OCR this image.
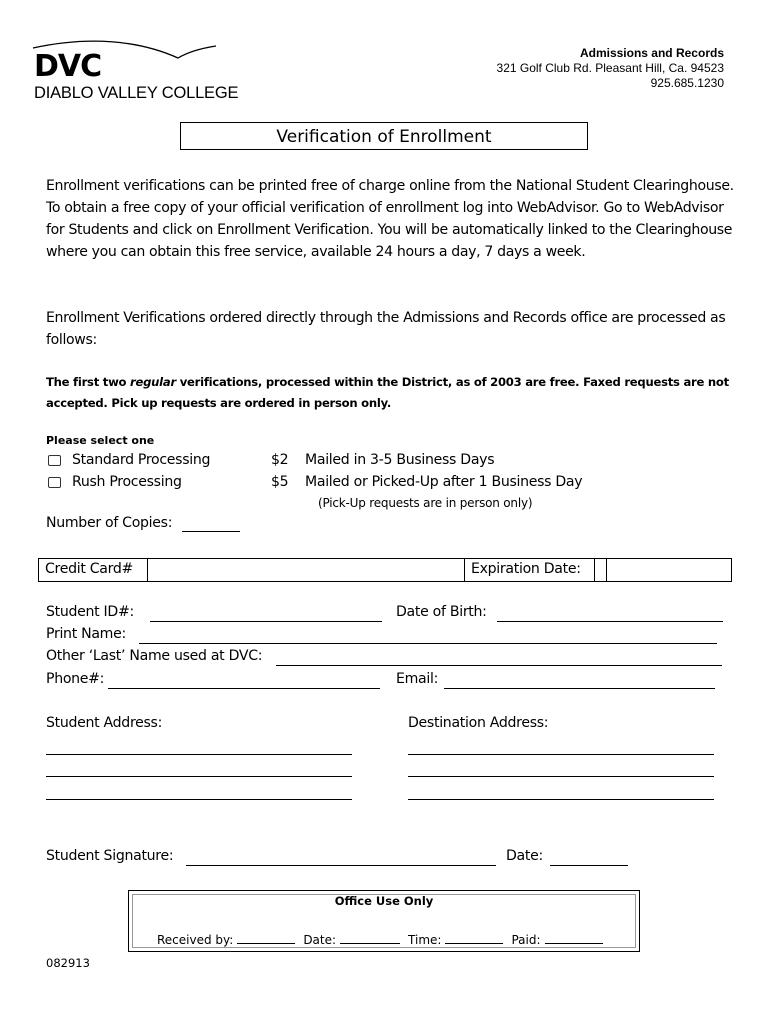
DVC
DIABLO VALLEY COLLEGE
Admissions and Records
321 Golf Club Rd. Pleasant Hill, Ca. 94523
925.685.1230
Verification of Enrollment
Enrollment verifications can be printed free of charge online from the National Student Clearinghouse. To obtain a free copy of your official verification of enrollment log into WebAdvisor. Go to WebAdvisor for Students and click on Enrollment Verification. You will be automatically linked to the Clearinghouse where you can obtain this free service, available 24 hours a day, 7 days a week.
Enrollment Verifications ordered directly through the Admissions and Records office are processed as follows:
The first two regular verifications, processed within the District, as of 2003 are free. Faxed requests are not accepted. Pick up requests are ordered in person only.
Please select one
Standard Processing	$2 Mailed in 3-5 Business Days
Rush Processing	$5 Mailed or Picked-Up after 1 Business Day
(Pick-Up requests are in person only)
Number of Copies:
Credit Card#	Expiration Date:
Student ID#:	Date of Birth:
Print Name:
Other ‘Last’ Name used at DVC:
Phone#:	Email:
Student Address:	Destination Address:
Student Signature:	Date:
Office Use Only
Received by:	Date:	Time:	Paid:
082913
